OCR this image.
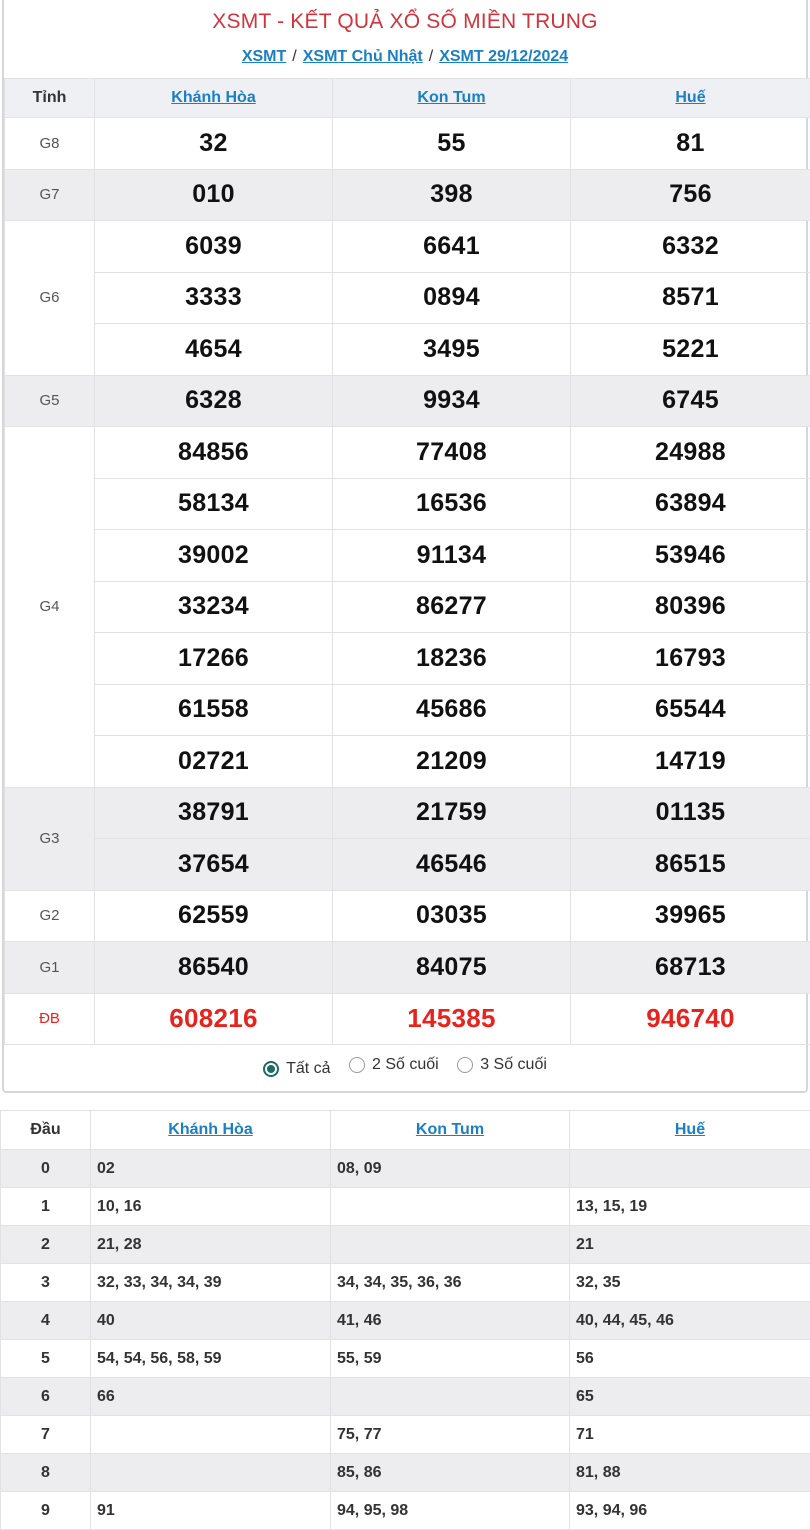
XSMT - KẾT QUẢ XỔ SỐ MIỀN TRUNG
XSMT / XSMT Chủ Nhật / XSMT 29/12/2024
Tỉnh	Khánh Hòa	Kon Tum	Huế
G8	32	55	81
G7	010	398	756
G6	6039	6641	6332
	3333	0894	8571
	4654	3495	5221
G5	6328	9934	6745
G4	84856	77408	24988
	58134	16536	63894
	39002	91134	53946
	33234	86277	80396
	17266	18236	16793
	61558	45686	65544
	02721	21209	14719
G3	38791	21759	01135
	37654	46546	86515
G2	62559	03035	39965
G1	86540	84075	68713
ĐB	608216	145385	946740
Tất cả
	2 Số cuối
	3 Số cuối
Đầu	Khánh Hòa	Kon Tum	Huế
0	02	08, 09	
1	10, 16		13, 15, 19
2	21, 28		21
3	32, 33, 34, 34, 39	34, 34, 35, 36, 36	32, 35
4	40	41, 46	40, 44, 45, 46
5	54, 54, 56, 58, 59	55, 59	56
6	66		65
7		75, 77	71
8		85, 86	81, 88
9	91	94, 95, 98	93, 94, 96
